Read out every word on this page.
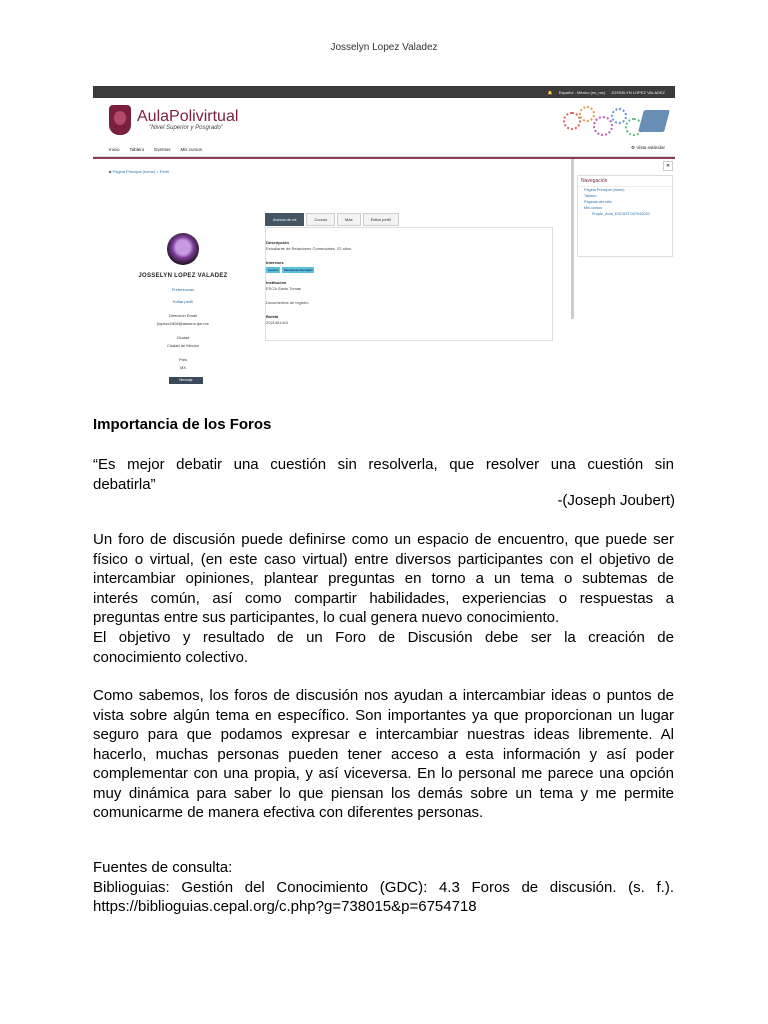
Josselyn Lopez Valadez
🔔 Español - México (es_mx) JOSSELYN LOPEZ VALADEZ
AulaPolivirtual
"Nivel Superior y Posgrado"
Inicio Tablero Eventos Mis cursos	⚙ Vista estándar
■ Página Principal (home) > Perfil
JOSSELYN LOPEZ VALADEZ
Preferencias
Editar perfil
Dirección Email
jlopezv1908@alumno.ipn.mx
Ciudad
Ciudad de Mexico
País
MX
Mensaje
Acerca de mi	Cursos	Más	Editar perfil
Descripción
Estudiante de Relaciones Comerciales. 22 años.
Intereses
Lectura Mercadotecnia digital
Institución
ESCA Santo Tomás
Documentos de registro
Boleta
2021461410
✕
Navegación
Página Principal (home)
Tablero
Páginas del sitio
Mis cursos
Propie_Aula_ESCASTO07042020
Importancia de los Foros
“Es mejor debatir una cuestión sin resolverla, que resolver una cuestión sin
debatirla”
-(Joseph Joubert)
Un foro de discusión puede definirse como un espacio de encuentro, que puede ser
físico o virtual, (en este caso virtual) entre diversos participantes con el objetivo de
intercambiar opiniones, plantear preguntas en torno a un tema o subtemas de
interés común, así como compartir habilidades, experiencias o respuestas a
preguntas entre sus participantes, lo cual genera nuevo conocimiento.
El objetivo y resultado de un Foro de Discusión debe ser la creación de
conocimiento colectivo.
Como sabemos, los foros de discusión nos ayudan a intercambiar ideas o puntos de
vista sobre algún tema en específico. Son importantes ya que proporcionan un lugar
seguro para que podamos expresar e intercambiar nuestras ideas libremente. Al
hacerlo, muchas personas pueden tener acceso a esta información y así poder
complementar con una propia, y así viceversa. En lo personal me parece una opción
muy dinámica para saber lo que piensan los demás sobre un tema y me permite
comunicarme de manera efectiva con diferentes personas.
Fuentes de consulta:
Biblioguias: Gestión del Conocimiento (GDC): 4.3 Foros de discusión. (s. f.).
https://biblioguias.cepal.org/c.php?g=738015&p=6754718
